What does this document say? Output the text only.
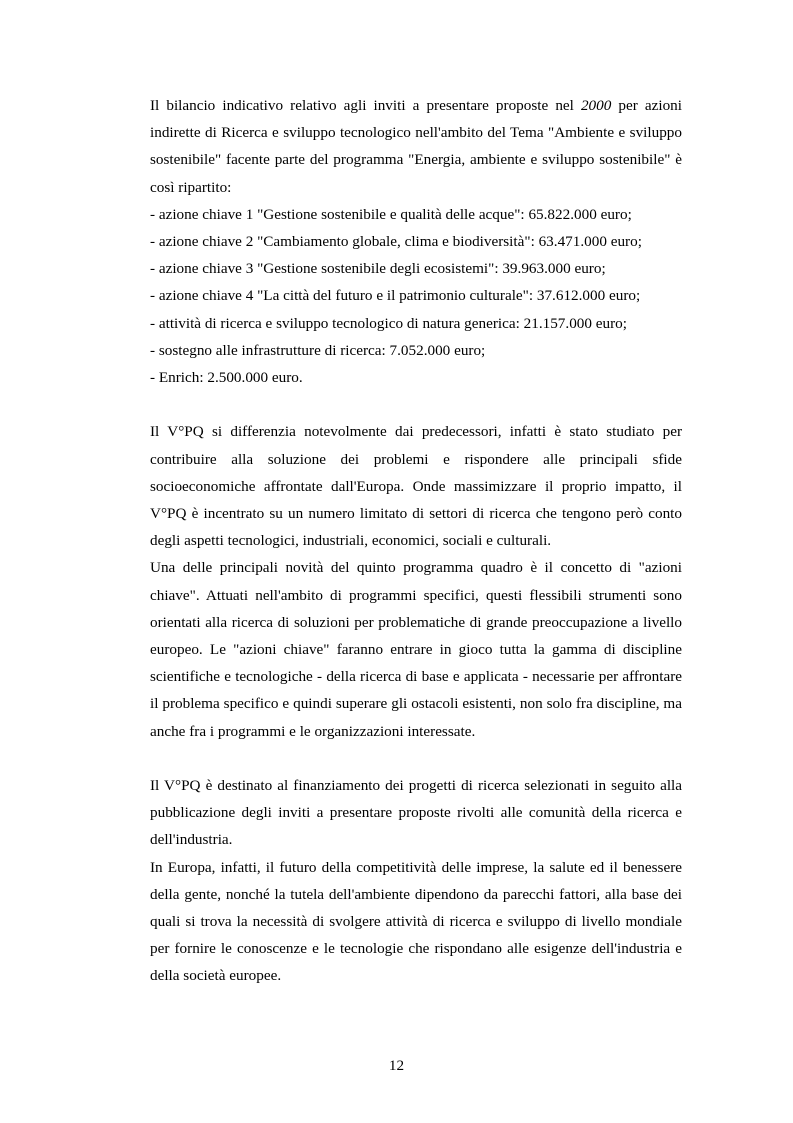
Il bilancio indicativo relativo agli inviti a presentare proposte nel 2000 per azioni indirette di Ricerca e sviluppo tecnologico nell'ambito del Tema "Ambiente e sviluppo sostenibile" facente parte del programma "Energia, ambiente e sviluppo sostenibile" è così ripartito:

- azione chiave 1 "Gestione sostenibile e qualità delle acque": 65.822.000 euro;
- azione chiave 2 "Cambiamento globale, clima e biodiversità": 63.471.000 euro;
- azione chiave 3 "Gestione sostenibile degli ecosistemi": 39.963.000 euro;
- azione chiave 4 "La città del futuro e il patrimonio culturale": 37.612.000 euro;
- attività di ricerca e sviluppo tecnologico di natura generica: 21.157.000 euro;
- sostegno alle infrastrutture di ricerca: 7.052.000 euro;
- Enrich: 2.500.000 euro.

Il V°PQ si differenzia notevolmente dai predecessori, infatti è stato studiato per contribuire alla soluzione dei problemi e rispondere alle principali sfide socioeconomiche affrontate dall'Europa. Onde massimizzare il proprio impatto, il V°PQ è incentrato su un numero limitato di settori di ricerca che tengono però conto degli aspetti tecnologici, industriali, economici, sociali e culturali.

Una delle principali novità del quinto programma quadro è il concetto di "azioni chiave". Attuati nell'ambito di programmi specifici, questi flessibili strumenti sono orientati alla ricerca di soluzioni per problematiche di grande preoccupazione a livello europeo. Le "azioni chiave" faranno entrare in gioco tutta la gamma di discipline scientifiche e tecnologiche - della ricerca di base e applicata - necessarie per affrontare il problema specifico e quindi superare gli ostacoli esistenti, non solo fra discipline, ma anche fra i programmi e le organizzazioni interessate.

Il V°PQ è destinato al finanziamento dei progetti di ricerca selezionati in seguito alla pubblicazione degli inviti a presentare proposte rivolti alle comunità della ricerca e dell'industria.

In Europa, infatti, il futuro della competitività delle imprese, la salute ed il benessere della gente, nonché la tutela dell'ambiente dipendono da parecchi fattori, alla base dei quali si trova la necessità di svolgere attività di ricerca e sviluppo di livello mondiale per fornire le conoscenze e le tecnologie che rispondano alle esigenze dell'industria e della società europee.

12
